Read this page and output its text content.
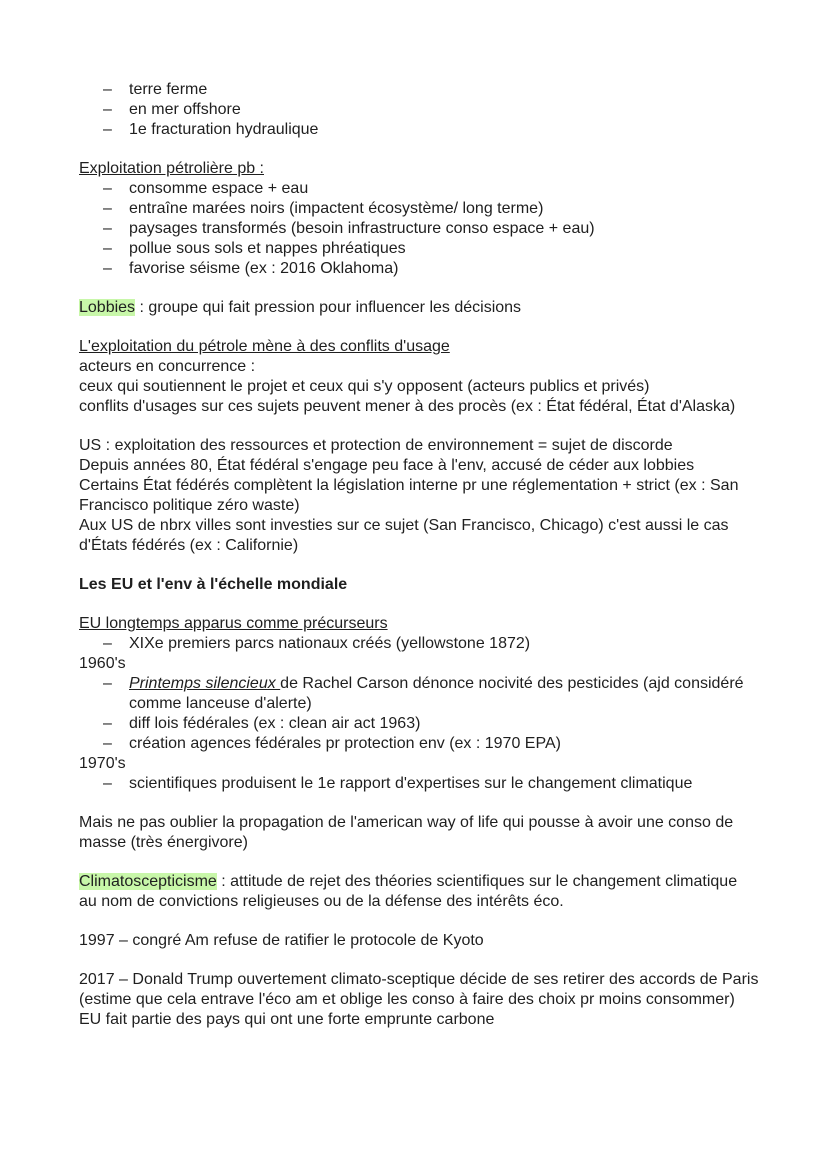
– terre ferme
– en mer offshore
– 1e fracturation hydraulique
Exploitation pétrolière pb :
– consomme espace + eau
– entraîne marées noirs (impactent écosystème/ long terme)
– paysages transformés (besoin infrastructure conso espace + eau)
– pollue sous sols et nappes phréatiques
– favorise séisme (ex : 2016 Oklahoma)
Lobbies : groupe qui fait pression pour influencer les décisions
L'exploitation du pétrole mène à des conflits d'usage
acteurs en concurrence :
ceux qui soutiennent le projet et ceux qui s'y opposent (acteurs publics et privés)
conflits d'usages sur ces sujets peuvent mener à des procès (ex : État fédéral, État d'Alaska)
US : exploitation des ressources et protection de environnement = sujet de discorde
Depuis années 80, État fédéral s'engage peu face à l'env, accusé de céder aux lobbies
Certains État fédérés complètent la législation interne pr une réglementation + strict (ex : San Francisco politique zéro waste)
Aux US de nbrx villes sont investies sur ce sujet (San Francisco, Chicago) c'est aussi le cas d'États fédérés (ex : Californie)
Les EU et l'env à l'échelle mondiale
EU longtemps apparus comme précurseurs
– XIXe premiers parcs nationaux créés (yellowstone 1872)
1960's
– Printemps silencieux de Rachel Carson dénonce nocivité des pesticides (ajd considéré comme lanceuse d'alerte)
– diff lois fédérales (ex : clean air act 1963)
– création agences fédérales pr protection env (ex : 1970 EPA)
1970's
– scientifiques produisent le 1e rapport d'expertises sur le changement climatique
Mais ne pas oublier la propagation de l'american way of life qui pousse à avoir une conso de masse (très énergivore)
Climatoscepticisme : attitude de rejet des théories scientifiques sur le changement climatique au nom de convictions religieuses ou de la défense des intérêts éco.
1997 – congré Am refuse de ratifier le protocole de Kyoto
2017 – Donald Trump ouvertement climato-sceptique décide de ses retirer des accords de Paris (estime que cela entrave l'éco am et oblige les conso à faire des choix pr moins consommer)
EU fait partie des pays qui ont une forte emprunte carbone
